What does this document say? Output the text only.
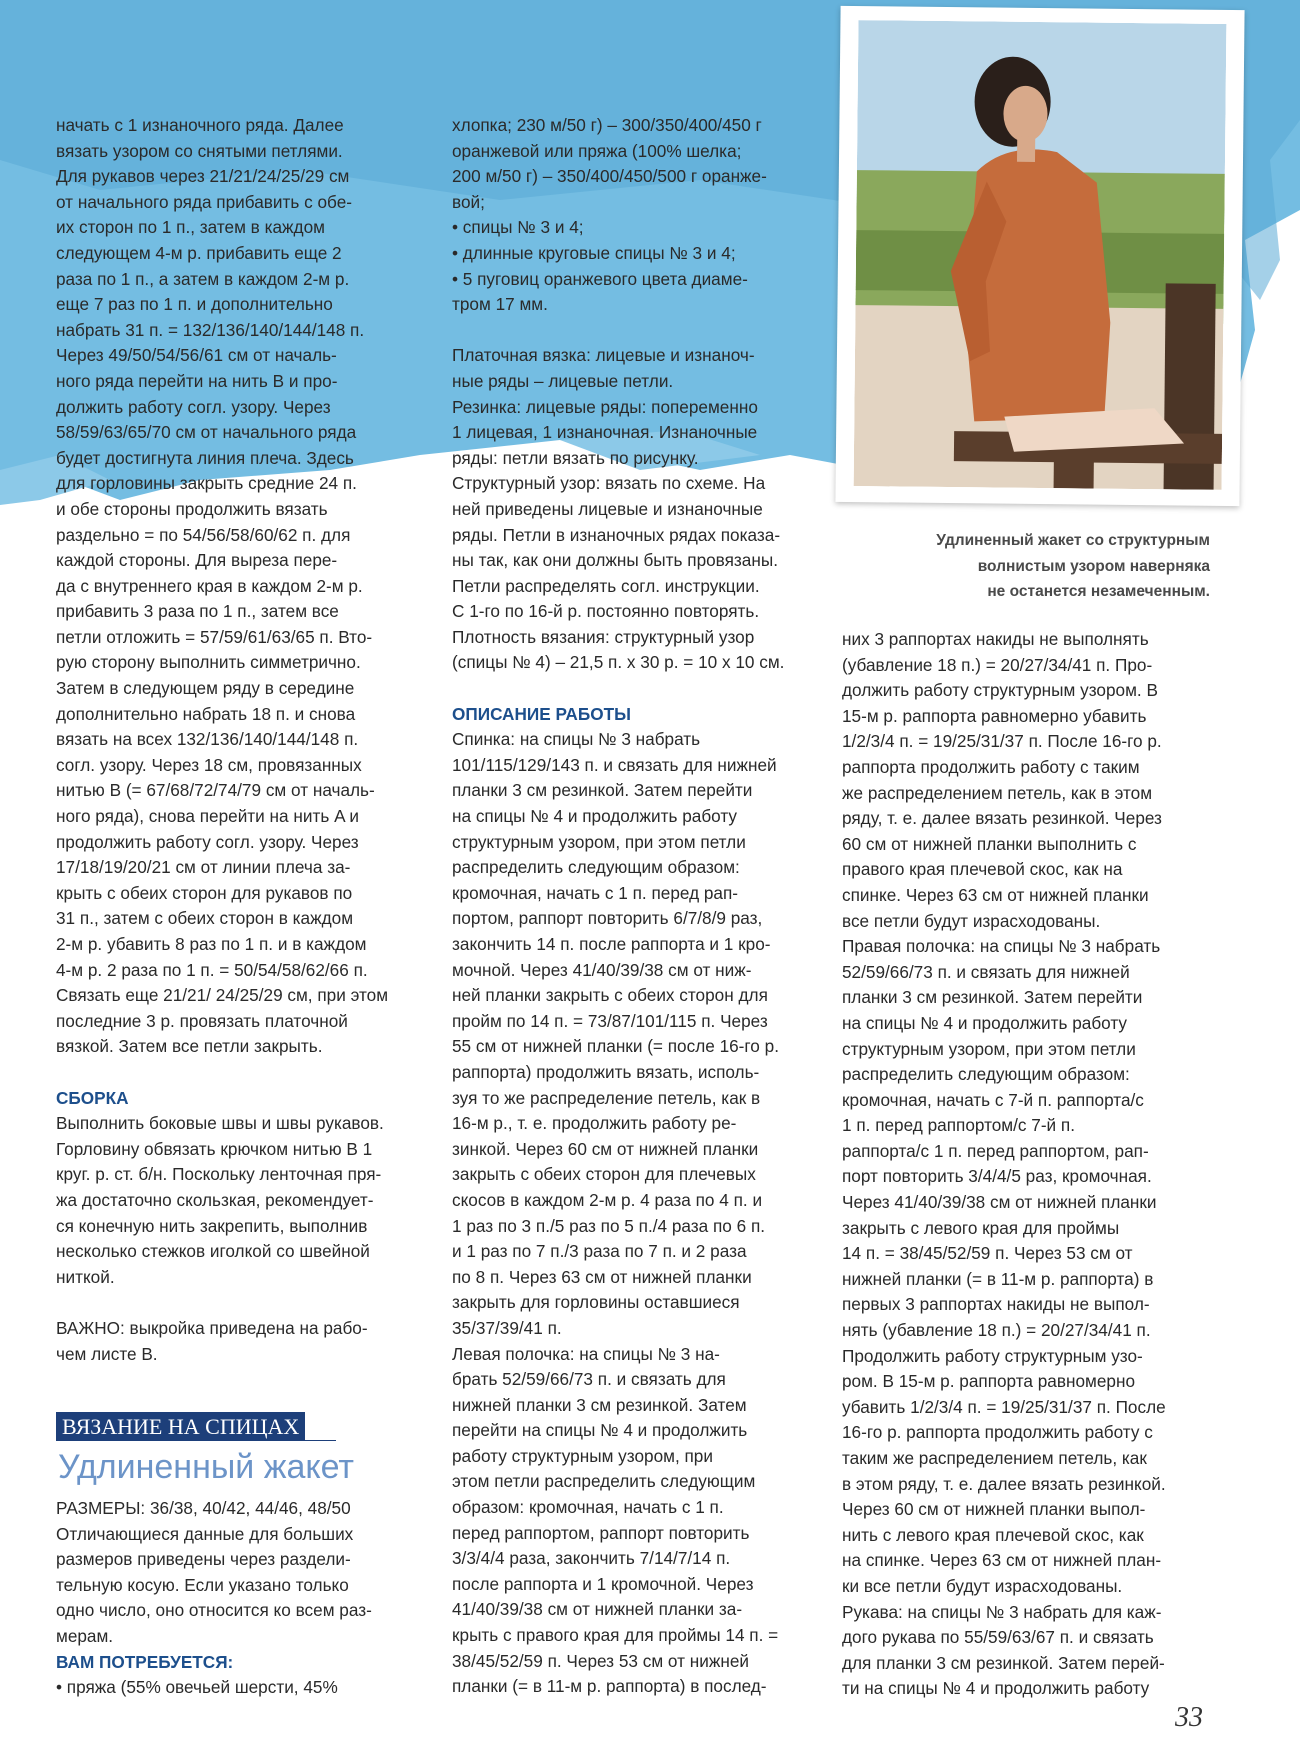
начать с 1 изнаночного ряда. Далее

вязать узором со снятыми петлями.

Для рукавов через 21/21/24/25/29 см

от начального ряда прибавить с обе-

их сторон по 1 п., затем в каждом

следующем 4-м р. прибавить еще 2

раза по 1 п., а затем в каждом 2-м р.

еще 7 раз по 1 п. и дополнительно

набрать 31 п. = 132/136/140/144/148 п.

Через 49/50/54/56/61 см от началь-

ного ряда перейти на нить B и про-

должить работу согл. узору. Через

58/59/63/65/70 см от начального ряда

будет достигнута линия плеча. Здесь

для горловины закрыть средние 24 п.

и обе стороны продолжить вязать

раздельно = по 54/56/58/60/62 п. для

каждой стороны. Для выреза пере-

да с внутреннего края в каждом 2-м р.

прибавить 3 раза по 1 п., затем все

петли отложить = 57/59/61/63/65 п. Вто-

рую сторону выполнить симметрично.

Затем в следующем ряду в середине

дополнительно набрать 18 п. и снова

вязать на всех 132/136/140/144/148 п.

согл. узору. Через 18 см, провязанных

нитью B (= 67/68/72/74/79 см от началь-

ного ряда), снова перейти на нить A и

продолжить работу согл. узору. Через

17/18/19/20/21 см от линии плеча за-

крыть с обеих сторон для рукавов по

31 п., затем с обеих сторон в каждом

2-м р. убавить 8 раз по 1 п. и в каждом

4-м р. 2 раза по 1 п. = 50/54/58/62/66 п.

Связать еще 21/21/ 24/25/29 см, при этом

последние 3 р. провязать платочной

вязкой. Затем все петли закрыть.

СБОРКА

Выполнить боковые швы и швы рукавов.

Горловину обвязать крючком нитью B 1

круг. р. ст. б/н. Поскольку ленточная пря-

жа достаточно скользкая, рекомендует-

ся конечную нить закрепить, выполнив

несколько стежков иголкой со швейной

ниткой.

ВАЖНО: выкройка приведена на рабо-

чем листе B.

РАЗМЕРЫ: 36/38, 40/42, 44/46, 48/50

Отличающиеся данные для больших

размеров приведены через раздели-

тельную косую. Если указано только

одно число, оно относится ко всем раз-

мерам.

ВАМ ПОТРЕБУЕТСЯ:

• пряжа (55% овечьей шерсти, 45%

хлопка; 230 м/50 г) – 300/350/400/450 г

оранжевой или пряжа (100% шелка;

200 м/50 г) – 350/400/450/500 г оранже-

вой;

• спицы № 3 и 4;

• длинные круговые спицы № 3 и 4;

• 5 пуговиц оранжевого цвета диаме-

тром 17 мм.

Платочная вязка: лицевые и изнаноч-

ные ряды – лицевые петли.

Резинка: лицевые ряды: попеременно

1 лицевая, 1 изнаночная. Изнаночные

ряды: петли вязать по рисунку.

Структурный узор: вязать по схеме. На

ней приведены лицевые и изнаночные

ряды. Петли в изнаночных рядах показа-

ны так, как они должны быть провязаны.

Петли распределять согл. инструкции.

С 1-го по 16-й р. постоянно повторять.

Плотность вязания: структурный узор

(спицы № 4) – 21,5 п. x 30 р. = 10 x 10 см.

ОПИСАНИЕ РАБОТЫ

Спинка: на спицы № 3 набрать

101/115/129/143 п. и связать для нижней

планки 3 см резинкой. Затем перейти

на спицы № 4 и продолжить работу

структурным узором, при этом петли

распределить следующим образом:

кромочная, начать с 1 п. перед рап-

портом, раппорт повторить 6/7/8/9 раз,

закончить 14 п. после раппорта и 1 кро-

мочной. Через 41/40/39/38 см от ниж-

ней планки закрыть с обеих сторон для

пройм по 14 п. = 73/87/101/115 п. Через

55 см от нижней планки (= после 16-го р.

раппорта) продолжить вязать, исполь-

зуя то же распределение петель, как в

16-м р., т. е. продолжить работу ре-

зинкой. Через 60 см от нижней планки

закрыть с обеих сторон для плечевых

скосов в каждом 2-м р. 4 раза по 4 п. и

1 раз по 3 п./5 раз по 5 п./4 раза по 6 п.

и 1 раз по 7 п./3 раза по 7 п. и 2 раза

по 8 п. Через 63 см от нижней планки

закрыть для горловины оставшиеся

35/37/39/41 п.

Левая полочка: на спицы № 3 на-

брать 52/59/66/73 п. и связать для

нижней планки 3 см резинкой. Затем

перейти на спицы № 4 и продолжить

работу структурным узором, при

этом петли распределить следующим

образом: кромочная, начать с 1 п.

перед раппортом, раппорт повторить

3/3/4/4 раза, закончить 7/14/7/14 п.

после раппорта и 1 кромочной. Через

41/40/39/38 см от нижней планки за-

крыть с правого края для проймы 14 п. =

38/45/52/59 п. Через 53 см от нижней

планки (= в 11-м р. раппорта) в послед-

них 3 раппортах накиды не выполнять

(убавление 18 п.) = 20/27/34/41 п. Про-

должить работу структурным узором. В

15-м р. раппорта равномерно убавить

1/2/3/4 п. = 19/25/31/37 п. После 16-го р.

раппорта продолжить работу с таким

же распределением петель, как в этом

ряду, т. е. далее вязать резинкой. Через

60 см от нижней планки выполнить с

правого края плечевой скос, как на

спинке. Через 63 см от нижней планки

все петли будут израсходованы.

Правая полочка: на спицы № 3 набрать

52/59/66/73 п. и связать для нижней

планки 3 см резинкой. Затем перейти

на спицы № 4 и продолжить работу

структурным узором, при этом петли

распределить следующим образом:

кромочная, начать с 7-й п. раппорта/с

1 п. перед раппортом/с 7-й п.

раппорта/с 1 п. перед раппортом, рап-

порт повторить 3/4/4/5 раз, кромочная.

Через 41/40/39/38 см от нижней планки

закрыть с левого края для проймы

14 п. = 38/45/52/59 п. Через 53 см от

нижней планки (= в 11-м р. раппорта) в

первых 3 раппортах накиды не выпол-

нять (убавление 18 п.) = 20/27/34/41 п.

Продолжить работу структурным узо-

ром. В 15-м р. раппорта равномерно

убавить 1/2/3/4 п. = 19/25/31/37 п. После

16-го р. раппорта продолжить работу с

таким же распределением петель, как

в этом ряду, т. е. далее вязать резинкой.

Через 60 см от нижней планки выпол-

нить с левого края плечевой скос, как

на спинке. Через 63 см от нижней план-

ки все петли будут израсходованы.

Рукава: на спицы № 3 набрать для каж-

дого рукава по 55/59/63/67 п. и связать

для планки 3 см резинкой. Затем перей-

ти на спицы № 4 и продолжить работу

Удлиненный жакет со структурным

волнистым узором наверняка

не останется незамеченным.

ВЯЗАНИЕ НА СПИЦАХ
Удлиненный жакет
33
